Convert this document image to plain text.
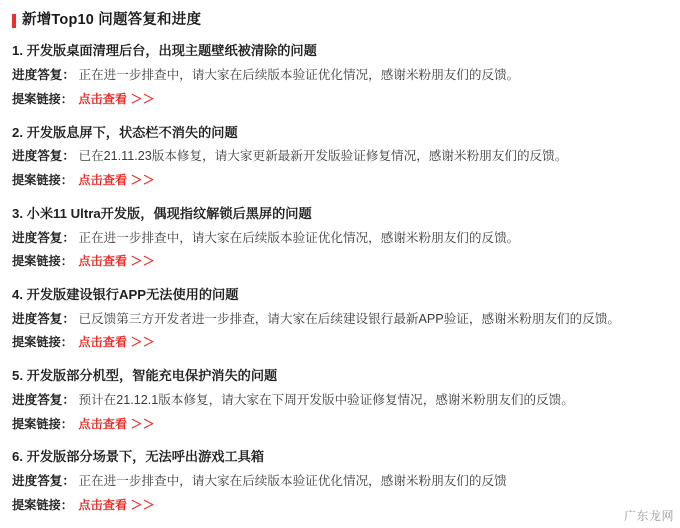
新增Top10 问题答复和进度
1. 开发版桌面清理后台，出现主题壁纸被清除的问题
进度答复： 正在进一步排查中，请大家在后续版本验证优化情况，感谢米粉朋友们的反馈。
提案链接： 点击查看 ＞＞
2. 开发版息屏下，状态栏不消失的问题
进度答复： 已在21.11.23版本修复，请大家更新最新开发版验证修复情况，感谢米粉朋友们的反馈。
提案链接： 点击查看 ＞＞
3. 小米11 Ultra开发版，偶现指纹解锁后黑屏的问题
进度答复： 正在进一步排查中，请大家在后续版本验证优化情况，感谢米粉朋友们的反馈。
提案链接： 点击查看 ＞＞
4. 开发版建设银行APP无法使用的问题
进度答复： 已反馈第三方开发者进一步排查，请大家在后续建设银行最新APP验证，感谢米粉朋友们的反馈。
提案链接： 点击查看 ＞＞
5. 开发版部分机型，智能充电保护消失的问题
进度答复： 预计在21.12.1版本修复，请大家在下周开发版中验证修复情况，感谢米粉朋友们的反馈。
提案链接： 点击查看 ＞＞
6. 开发版部分场景下，无法呼出游戏工具箱
进度答复： 正在进一步排查中，请大家在后续版本验证优化情况，感谢米粉朋友们的反馈
提案链接： 点击查看 ＞＞
广东龙网
